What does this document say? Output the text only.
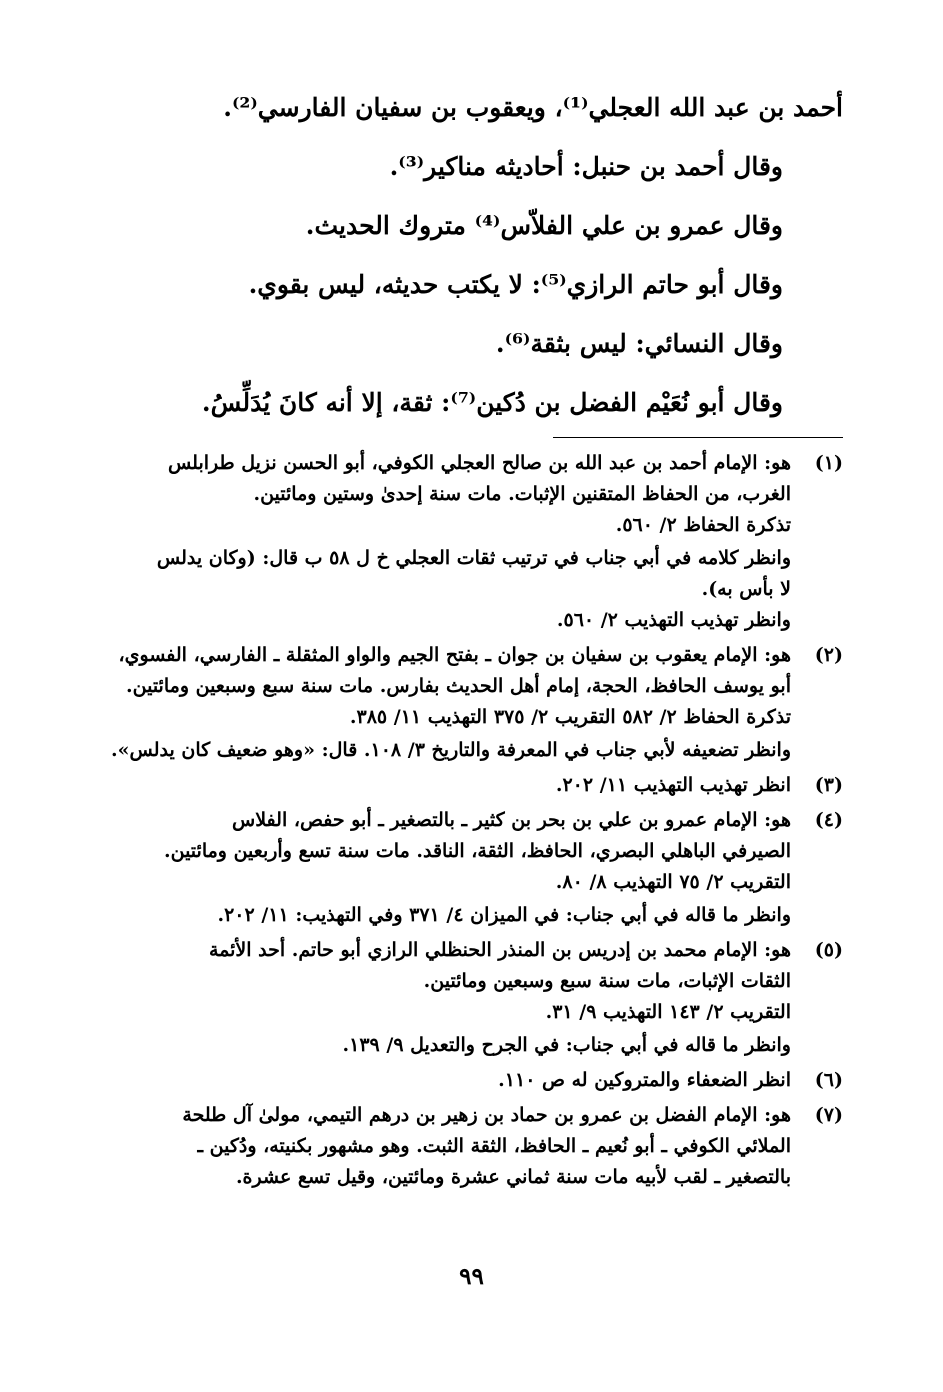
أحمد بن عبد الله العجلي⁽¹⁾، ويعقوب بن سفيان الفارسي⁽²⁾.
وقال أحمد بن حنبل: أحاديثه مناكير⁽³⁾.
وقال عمرو بن علي الفلاّس⁽⁴⁾ متروك الحديث.
وقال أبو حاتم الرازي⁽⁵⁾: لا يكتب حديثه، ليس بقوي.
وقال النسائي: ليس بثقة⁽⁶⁾.
وقال أبو نُعَيْم الفضل بن دُكين⁽⁷⁾: ثقة، إلا أنه كانَ يُدَلِّسُ.
(١)
هو: الإمام أحمد بن عبد الله بن صالح العجلي الكوفي، أبو الحسن نزيل طرابلس
الغرب، من الحفاظ المتقنين الإثبات. مات سنة إحدىٰ وستين ومائتين.
تذكرة الحفاظ ٢/ ٥٦٠.
وانظر كلامه في أبي جناب في ترتيب ثقات العجلي خ ل ٥٨ ب قال: (وكان يدلس
لا بأس به).
وانظر تهذيب التهذيب ٢/ ٥٦٠.
(٢)
هو: الإمام يعقوب بن سفيان بن جوان ـ بفتح الجيم والواو المثقلة ـ الفارسي، الفسوي،
أبو يوسف الحافظ، الحجة، إمام أهل الحديث بفارس. مات سنة سبع وسبعين ومائتين.
تذكرة الحفاظ ٢/ ٥٨٢ التقريب ٢/ ٣٧٥ التهذيب ١١/ ٣٨٥.
وانظر تضعيفه لأبي جناب في المعرفة والتاريخ ٣/ ١٠٨. قال: «وهو ضعيف كان يدلس».
(٣)
انظر تهذيب التهذيب ١١/ ٢٠٢.
(٤)
هو: الإمام عمرو بن علي بن بحر بن كثير ـ بالتصغير ـ أبو حفص، الفلاس
الصيرفي الباهلي البصري، الحافظ، الثقة، الناقد. مات سنة تسع وأربعين ومائتين.
التقريب ٢/ ٧٥ التهذيب ٨/ ٨٠.
وانظر ما قاله في أبي جناب: في الميزان ٤/ ٣٧١ وفي التهذيب: ١١/ ٢٠٢.
(٥)
هو: الإمام محمد بن إدريس بن المنذر الحنظلي الرازي أبو حاتم. أحد الأئمة
الثقات الإثبات، مات سنة سبع وسبعين ومائتين.
التقريب ٢/ ١٤٣ التهذيب ٩/ ٣١.
وانظر ما قاله في أبي جناب: في الجرح والتعديل ٩/ ١٣٩.
(٦)
انظر الضعفاء والمتروكين له ص ١١٠.
(٧)
هو: الإمام الفضل بن عمرو بن حماد بن زهير بن درهم التيمي، مولىٰ آل طلحة
الملائي الكوفي ـ أبو نُعيم ـ الحافظ، الثقة الثبت. وهو مشهور بكنيته، ودُكين ـ
بالتصغير ـ لقب لأبيه مات سنة ثماني عشرة ومائتين، وقيل تسع عشرة.
٩٩
